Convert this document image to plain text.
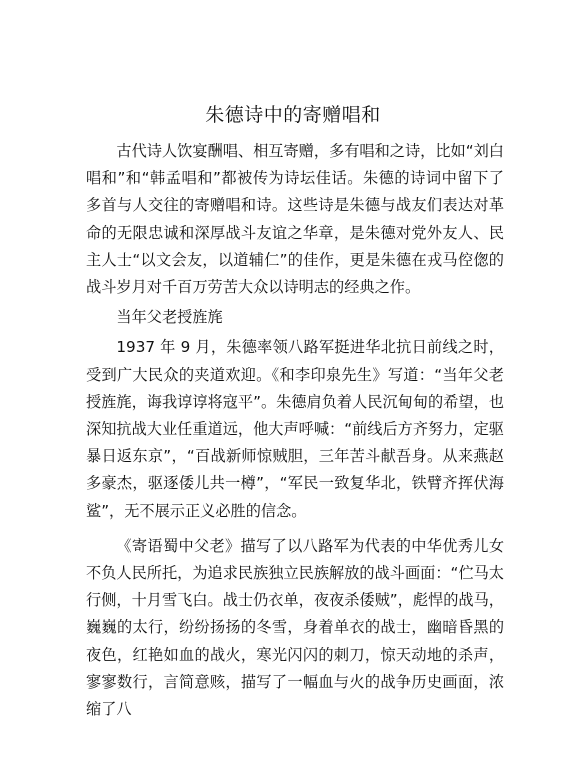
朱德诗中的寄赠唱和

古代诗人饮宴酬唱、相互寄赠，多有唱和之诗，比如“刘白唱和”和“韩孟唱和”都被传为诗坛佳话。朱德的诗词中留下了多首与人交往的寄赠唱和诗。这些诗是朱德与战友们表达对革命的无限忠诚和深厚战斗友谊之华章，是朱德对党外友人、民主人士“以文会友，以道辅仁”的佳作，更是朱德在戎马倥偬的战斗岁月对千百万劳苦大众以诗明志的经典之作。

当年父老授旌旄

1937 年 9 月，朱德率领八路军挺进华北抗日前线之时，受到广大民众的夹道欢迎。《和李印泉先生》写道：“当年父老授旌旄，诲我谆谆将寇平”。朱德肩负着人民沉甸甸的希望，也深知抗战大业任重道远，他大声呼喊：“前线后方齐努力，定驱暴日返东京”，“百战新师惊贼胆，三年苦斗献吾身。从来燕赵多豪杰，驱逐倭儿共一樽”，“军民一致复华北，铁臂齐挥伏海鲨”，无不展示正义必胜的信念。

《寄语蜀中父老》描写了以八路军为代表的中华优秀儿女不负人民所托，为追求民族独立民族解放的战斗画面：“伫马太行侧，十月雪飞白。战士仍衣单，夜夜杀倭贼”，彪悍的战马，巍巍的太行，纷纷扬扬的冬雪，身着单衣的战士，幽暗昏黑的夜色，红艳如血的战火，寒光闪闪的刺刀，惊天动地的杀声，寥寥数行，言简意赅，描写了一幅血与火的战争历史画面，浓缩了八
